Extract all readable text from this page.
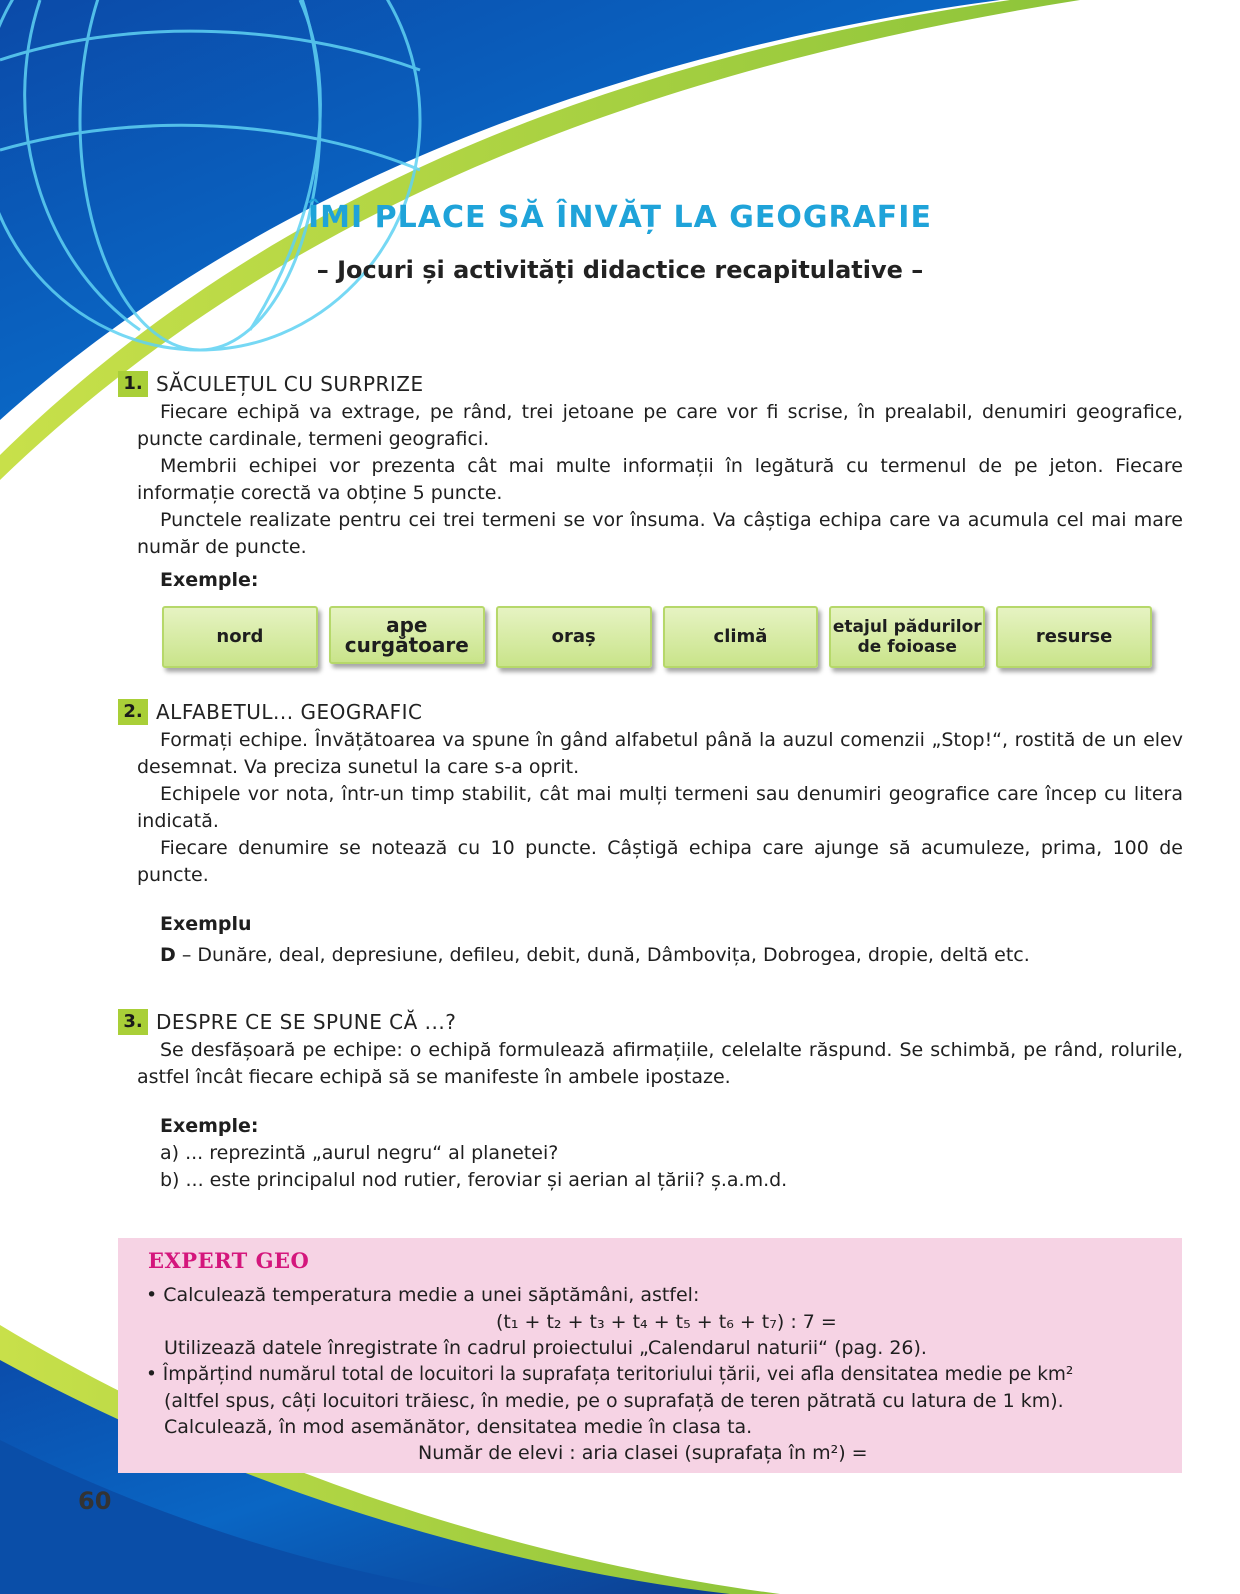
ÎMI PLACE SĂ ÎNVĂȚ LA GEOGRAFIE
– Jocuri și activități didactice recapitulative –
1. SĂCULEȚUL CU SURPRIZE

Fiecare echipă va extrage, pe rând, trei jetoane pe care vor fi scrise, în prealabil, denumiri geografice, puncte cardinale, termeni geografici.

Membrii echipei vor prezenta cât mai multe informații în legătură cu termenul de pe jeton. Fiecare informație corectă va obține 5 puncte.

Punctele realizate pentru cei trei termeni se vor însuma. Va câștiga echipa care va acumula cel mai mare număr de puncte.

Exemple:
nord	ape curgătoare	oraș	climă	etajul pădurilor de foioase	resurse
2. ALFABETUL... GEOGRAFIC

Formați echipe. Învățătoarea va spune în gând alfabetul până la auzul comenzii „Stop!“, rostită de un elev desemnat. Va preciza sunetul la care s-a oprit.

Echipele vor nota, într-un timp stabilit, cât mai mulți termeni sau denumiri geografice care încep cu litera indicată.

Fiecare denumire se notează cu 10 puncte. Câștigă echipa care ajunge să acumuleze, prima, 100 de puncte.

Exemplu
D – Dunăre, deal, depresiune, defileu, debit, dună, Dâmbovița, Dobrogea, dropie, deltă etc.
3. DESPRE CE SE SPUNE CĂ ...?

Se desfășoară pe echipe: o echipă formulează afirmațiile, celelalte răspund. Se schimbă, pe rând, rolurile, astfel încât fiecare echipă să se manifeste în ambele ipostaze.

Exemple:
a) ... reprezintă „aurul negru“ al planetei?
b) ... este principalul nod rutier, feroviar și aerian al țării? ș.a.m.d.
EXPERT GEO
• Calculează temperatura medie a unei săptămâni, astfel:
(t₁ + t₂ + t₃ + t₄ + t₅ + t₆ + t₇) : 7 =
Utilizează datele înregistrate în cadrul proiectului „Calendarul naturii“ (pag. 26).
• Împărțind numărul total de locuitori la suprafața teritoriului țării, vei afla densitatea medie pe km²
(altfel spus, câți locuitori trăiesc, în medie, pe o suprafață de teren pătrată cu latura de 1 km).
Calculează, în mod asemănător, densitatea medie în clasa ta.
Număr de elevi : aria clasei (suprafața în m²) =
60
